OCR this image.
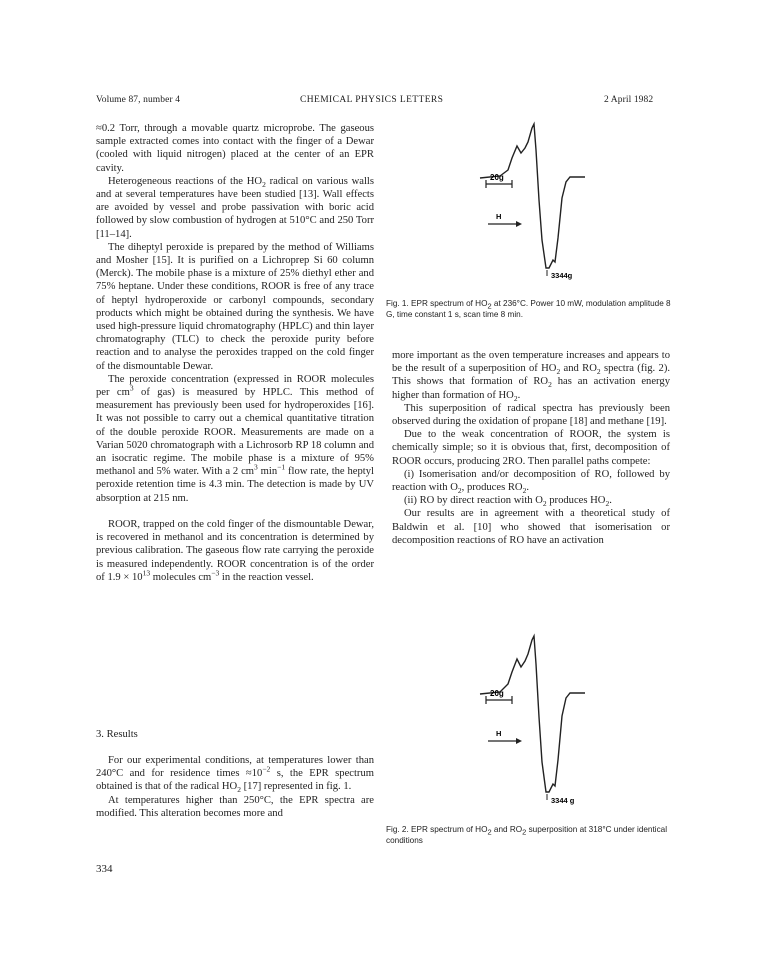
Volume 87, number 4	CHEMICAL PHYSICS LETTERS	2 April 1982

≈0.2 Torr, through a movable quartz microprobe. The gaseous sample extracted comes into contact with the finger of a Dewar (cooled with liquid nitrogen) placed at the center of an EPR cavity.

Heterogeneous reactions of the $HO_2$ radical on various walls and at several temperatures have been studied [13]. Wall effects are avoided by vessel and probe passivation with boric acid followed by slow combustion of hydrogen at 510°C and 250 Torr [11–14].

The diheptyl peroxide is prepared by the method of Williams and Mosher [15]. It is purified on a Lichroprep Si 60 column (Merck). The mobile phase is a mixture of 25% diethyl ether and 75% heptane. Under these conditions, ROOR is free of any trace of heptyl hydroperoxide or carbonyl compounds, secondary products which might be obtained during the synthesis. We have used high-pressure liquid chromatography (HPLC) and thin layer chromatography (TLC) to check the peroxide purity before reaction and to analyse the peroxides trapped on the cold finger of the dismountable Dewar.

The peroxide concentration (expressed in ROOR molecules per $cm^3$ of gas) is measured by HPLC. This method of measurement has previously been used for hydroperoxides [16]. It was not possible to carry out a chemical quantitative titration of the double peroxide ROOR. Measurements are made on a Varian 5020 chromatograph with a Lichrosorb RP 18 column and an isocratic regime. The mobile phase is a mixture of 95% methanol and 5% water. With a 2 $cm^3$ $\min^{-1}$ flow rate, the heptyl peroxide retention time is 4.3 min. The detection is made by UV absorption at 215 nm.

ROOR, trapped on the cold finger of the dismountable Dewar, is recovered in methanol and its concentration is determined by previous calibration. The gaseous flow rate carrying the peroxide is measured independently. ROOR concentration is of the order of $1.9 \times 10^{13}$ molecules $cm^{-3}$ in the reaction vessel.

3. Results

For our experimental conditions, at temperatures lower than 240°C and for residence times $\approx 10^{-2}$ s, the EPR spectrum obtained is that of the radical $HO_2$ [17] represented in fig. 1.

At temperatures higher than 250°C, the EPR spectra are modified. This alteration becomes more and

334
20g
H
3344g
Fig. 1. EPR spectrum of $HO_2$ at 236°C. Power 10 mW, modulation amplitude 8 G, time constant 1 s, scan time 8 min.

more important as the oven temperature increases and appears to be the result of a superposition of $HO_2$ and $RO_2$ spectra (fig. 2). This shows that formation of $RO_2$ has an activation energy higher than formation of $HO_2$.

This superposition of radical spectra has previously been observed during the oxidation of propane [18] and methane [19].

Due to the weak concentration of ROOR, the system is chemically simple; so it is obvious that, first, decomposition of ROOR occurs, producing 2RO. Then parallel paths compete:

(i) Isomerisation and/or decomposition of RO, followed by reaction with $O_2$, produces $RO_2$.

(ii) RO by direct reaction with $O_2$ produces $HO_2$.

Our results are in agreement with a theoretical study of Baldwin et al. [10] who showed that isomerisation or decomposition reactions of RO have an activation

20g
H
3344 g
Fig. 2. EPR spectrum of $HO_2$ and $RO_2$ superposition at 318°C under identical conditions
